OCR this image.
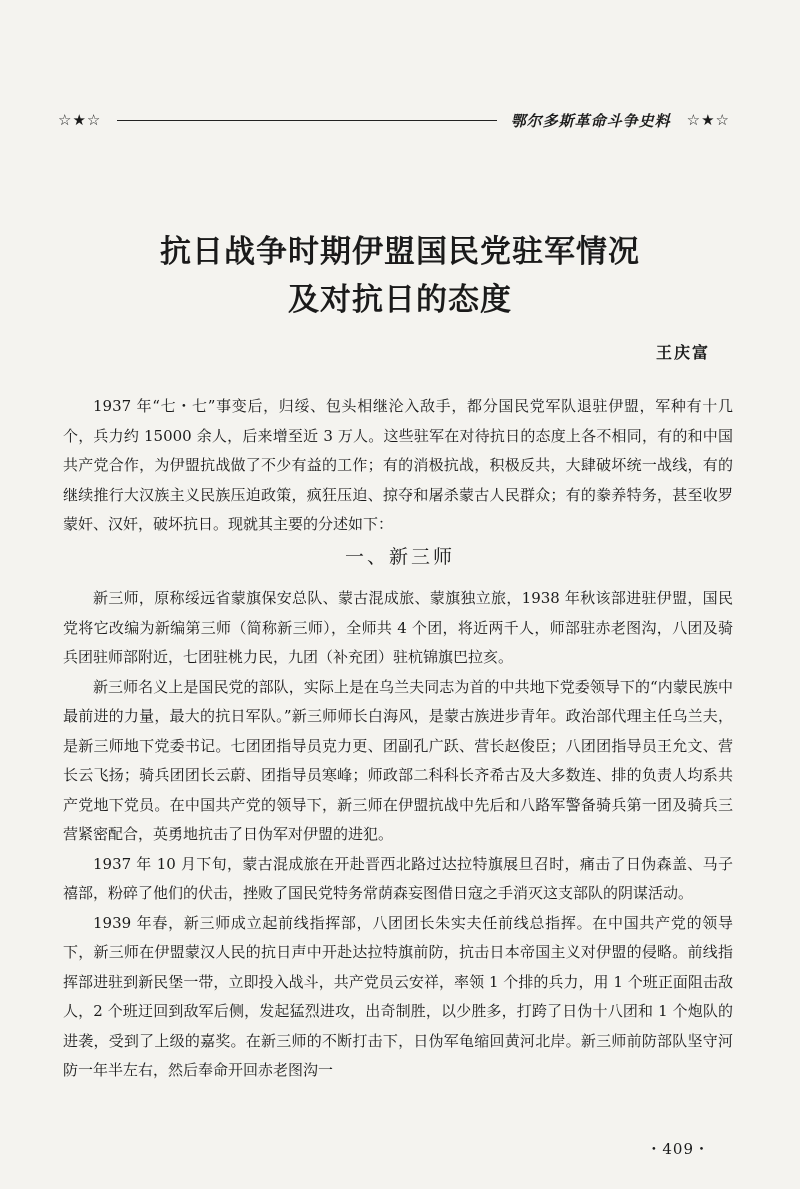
☆★☆	鄂尔多斯革命斗争史料 ☆★☆
抗日战争时期伊盟国民党驻军情况
及对抗日的态度
王庆富

1937 年“七・七”事变后，归绥、包头相继沦入敌手，都分国民党军队退驻伊盟，军种有十几个，兵力约 15000 余人，后来增至近 3 万人。这些驻军在对待抗日的态度上各不相同，有的和中国共产党合作，为伊盟抗战做了不少有益的工作；有的消极抗战，积极反共，大肆破坏统一战线，有的继续推行大汉族主义民族压迫政策，疯狂压迫、掠夺和屠杀蒙古人民群众；有的豢养特务，甚至收罗蒙奸、汉奸，破坏抗日。现就其主要的分述如下：

一、新三师

新三师，原称绥远省蒙旗保安总队、蒙古混成旅、蒙旗独立旅，1938 年秋该部进驻伊盟，国民党将它改编为新编第三师（简称新三师），全师共 4 个团，将近两千人，师部驻赤老图沟，八团及骑兵团驻师部附近，七团驻桃力民，九团（补充团）驻杭锦旗巴拉亥。

新三师名义上是国民党的部队，实际上是在乌兰夫同志为首的中共地下党委领导下的“内蒙民族中最前进的力量，最大的抗日军队。”新三师师长白海风，是蒙古族进步青年。政治部代理主任乌兰夫，是新三师地下党委书记。七团团指导员克力更、团副孔广跃、营长赵俊臣；八团团指导员王允文、营长云飞扬；骑兵团团长云蔚、团指导员寒峰；师政部二科科长齐希古及大多数连、排的负责人均系共产党地下党员。在中国共产党的领导下，新三师在伊盟抗战中先后和八路军警备骑兵第一团及骑兵三营紧密配合，英勇地抗击了日伪军对伊盟的进犯。

1937 年 10 月下旬，蒙古混成旅在开赴晋西北路过达拉特旗展旦召时，痛击了日伪森盖、马子禧部，粉碎了他们的伏击，挫败了国民党特务常荫森妄图借日寇之手消灭这支部队的阴谋活动。

1939 年春，新三师成立起前线指挥部，八团团长朱实夫任前线总指挥。在中国共产党的领导下，新三师在伊盟蒙汉人民的抗日声中开赴达拉特旗前防，抗击日本帝国主义对伊盟的侵略。前线指挥部进驻到新民堡一带，立即投入战斗，共产党员云安祥，率领 1 个排的兵力，用 1 个班正面阻击敌人，2 个班迂回到敌军后侧，发起猛烈进攻，出奇制胜，以少胜多，打跨了日伪十八团和 1 个炮队的进袭，受到了上级的嘉奖。在新三师的不断打击下，日伪军龟缩回黄河北岸。新三师前防部队坚守河防一年半左右，然后奉命开回赤老图沟一

・409・
